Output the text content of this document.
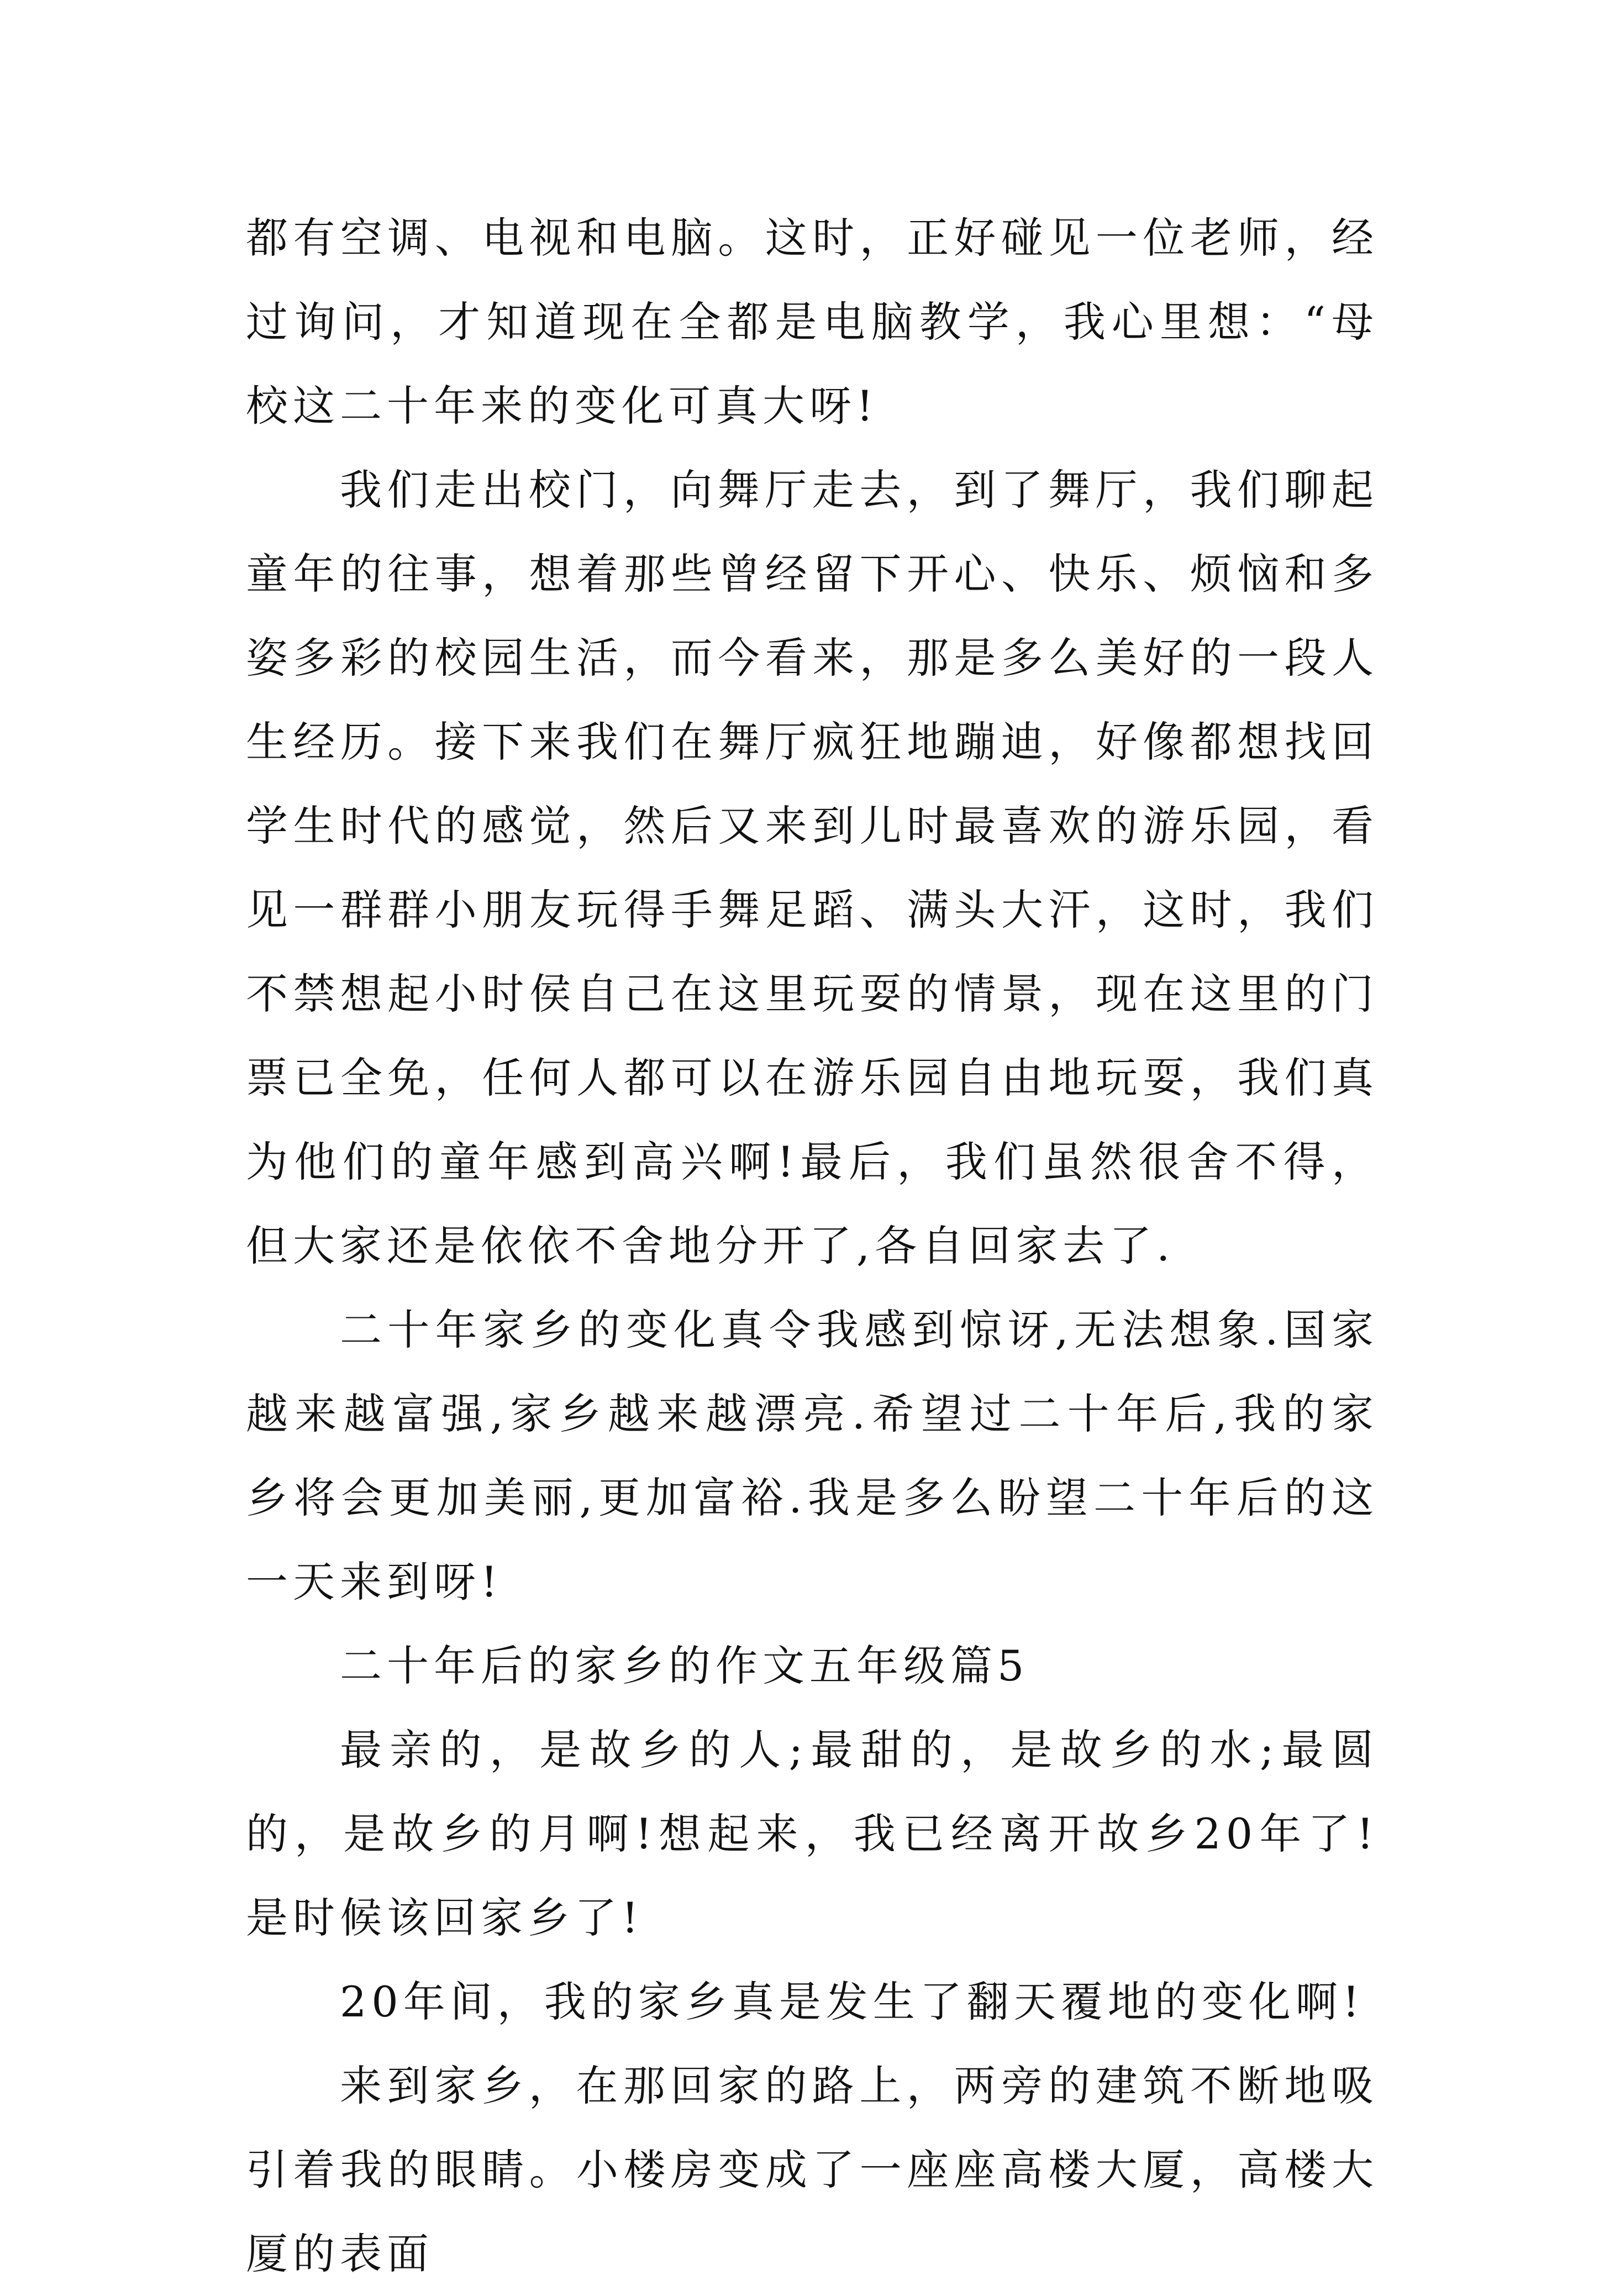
都有空调、电视和电脑。这时，正好碰见一位老师，经过询问，才知道现在全都是电脑教学，我心里想：“母校这二十年来的变化可真大呀!

我们走出校门，向舞厅走去，到了舞厅，我们聊起童年的往事，想着那些曾经留下开心、快乐、烦恼和多姿多彩的校园生活，而今看来，那是多么美好的一段人生经历。接下来我们在舞厅疯狂地蹦迪，好像都想找回学生时代的感觉，然后又来到儿时最喜欢的游乐园，看见一群群小朋友玩得手舞足蹈、满头大汗，这时，我们不禁想起小时侯自己在这里玩耍的情景，现在这里的门票已全免，任何人都可以在游乐园自由地玩耍，我们真为他们的童年感到高兴啊!最后，我们虽然很舍不得，但大家还是依依不舍地分开了,各自回家去了.

二十年家乡的变化真令我感到惊讶,无法想象.国家越来越富强,家乡越来越漂亮.希望过二十年后,我的家乡将会更加美丽,更加富裕.我是多么盼望二十年后的这一天来到呀!

二十年后的家乡的作文五年级篇5

最亲的，是故乡的人;最甜的，是故乡的水;最圆的，是故乡的月啊!想起来，我已经离开故乡20年了!是时候该回家乡了!

20年间，我的家乡真是发生了翻天覆地的变化啊!

来到家乡，在那回家的路上，两旁的建筑不断地吸引着我的眼睛。小楼房变成了一座座高楼大厦，高楼大厦的表面
